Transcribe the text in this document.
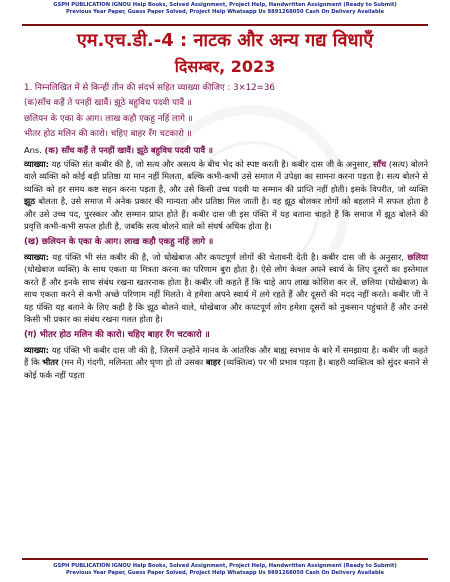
GSPH PUBLICATION IGNOU Help Books, Solved Assignment, Project Help, Handwritten Assignment (Ready to Submit)
Previous Year Paper, Guess Paper Solved, Project Help Whatsapp Us 9891268050 Cash On Delivery Available
एम.एच.डी.-4 : नाटक और अन्य गद्य विधाएँ
दिसम्बर, 2023
1. निम्नलिखित में से किन्हीं तीन की संदर्भ सहित व्याख्या कीजिए : 3×12=36
(क)साँच कहैं ते पनहीं खावैं। झूठे बहुविध पदवी पावैं ॥
छलियन के एका के आग। लाख कहौ एकहु नहिं लागे ॥
भीतर होठ मलिन की कारो। चहिए बाहर रँग चटकारो ॥
Ans. (क) साँच कहैं ते पनहीं खावैं। झूठे बहुविध पदवी पावैं ॥
व्याख्या: यह पंक्ति संत कबीर की है, जो सत्य और असत्य के बीच भेद को स्पष्ट करती है। कबीर दास जी के अनुसार, साँच (सत्य) बोलने वाले व्यक्ति को कोई बड़ी प्रतिष्ठा या मान नहीं मिलता, बल्कि कभी-कभी उसे समाज में उपेक्षा का सामना करना पड़ता है। सत्य बोलने से व्यक्ति को हर समय कष्ट सहन करना पड़ता है, और उसे किसी उच्च पदवी या सम्मान की प्राप्ति नहीं होती। इसके विपरीत, जो व्यक्ति झूठ बोलता है, उसे समाज में अनेक प्रकार की मान्यता और प्रतिष्ठा मिल जाती है। वह झूठ बोलकर लोगों को बहलाने में सफल होता है और उसे उच्च पद, पुरस्कार और सम्मान प्राप्त होते हैं। कबीर दास जी इस पंक्ति में यह बताना चाहते हैं कि समाज में झूठ बोलने की प्रवृत्ति कभी-कभी सफल होती है, जबकि सत्य बोलने वाले को संघर्ष अधिक होता है।
(ख) छलियन के एका के आग। लाख कहौ एकहु नहिं लागे ॥
व्याख्या: यह पंक्ति भी संत कबीर की है, जो धोखेबाज और कपटपूर्ण लोगों की चेतावनी देती है। कबीर दास जी के अनुसार, छलिया (धोखेबाज व्यक्ति) के साथ एकता या मित्रता करना का परिणाम बुरा होता है। ऐसे लोग केवल अपने स्वार्थ के लिए दूसरों का इस्तेमाल करते हैं और इनके साथ संबंध रखना खतरनाक होता है। कबीर जी कहते हैं कि चाहे आप लाख कोशिश कर लें, छलिया (धोखेबाज) के साथ एकता करने से कभी अच्छे परिणाम नहीं मिलते। वे हमेशा अपने स्वार्थ में लगे रहते हैं और दूसरों की मदद नहीं करते। कबीर जी ने यह पंक्ति यह बताने के लिए कही है कि झूठ बोलने वाले, धोखेबाज और कपटपूर्ण लोग हमेशा दूसरों को नुकसान पहुंचाते हैं और उनसे किसी भी प्रकार का संबंध रखना गलत होता है।
(ग) भीतर होठ मलिन की कारो। चहिए बाहर रँग चटकारो ॥
व्याख्या: यह पंक्ति भी कबीर दास जी की है, जिसमें उन्होंने मानव के आंतरिक और बाह्य स्वभाव के बारे में समझाया है। कबीर जी कहते हैं कि भीतर (मन में) गंदगी, मलिनता और घृणा हो तो उसका बाहर (व्यक्तित्व) पर भी प्रभाव पड़ता है। बाहरी व्यक्तित्व को सुंदर बनाने से कोई फर्क नहीं पड़ता
GSPH PUBLICATION IGNOU Help Books, Solved Assignment, Project Help, Handwritten Assignment (Ready to Submit)
Previous Year Paper, Guess Paper Solved, Project Help Whatsapp Us 9891268050 Cash On Delivery Available
